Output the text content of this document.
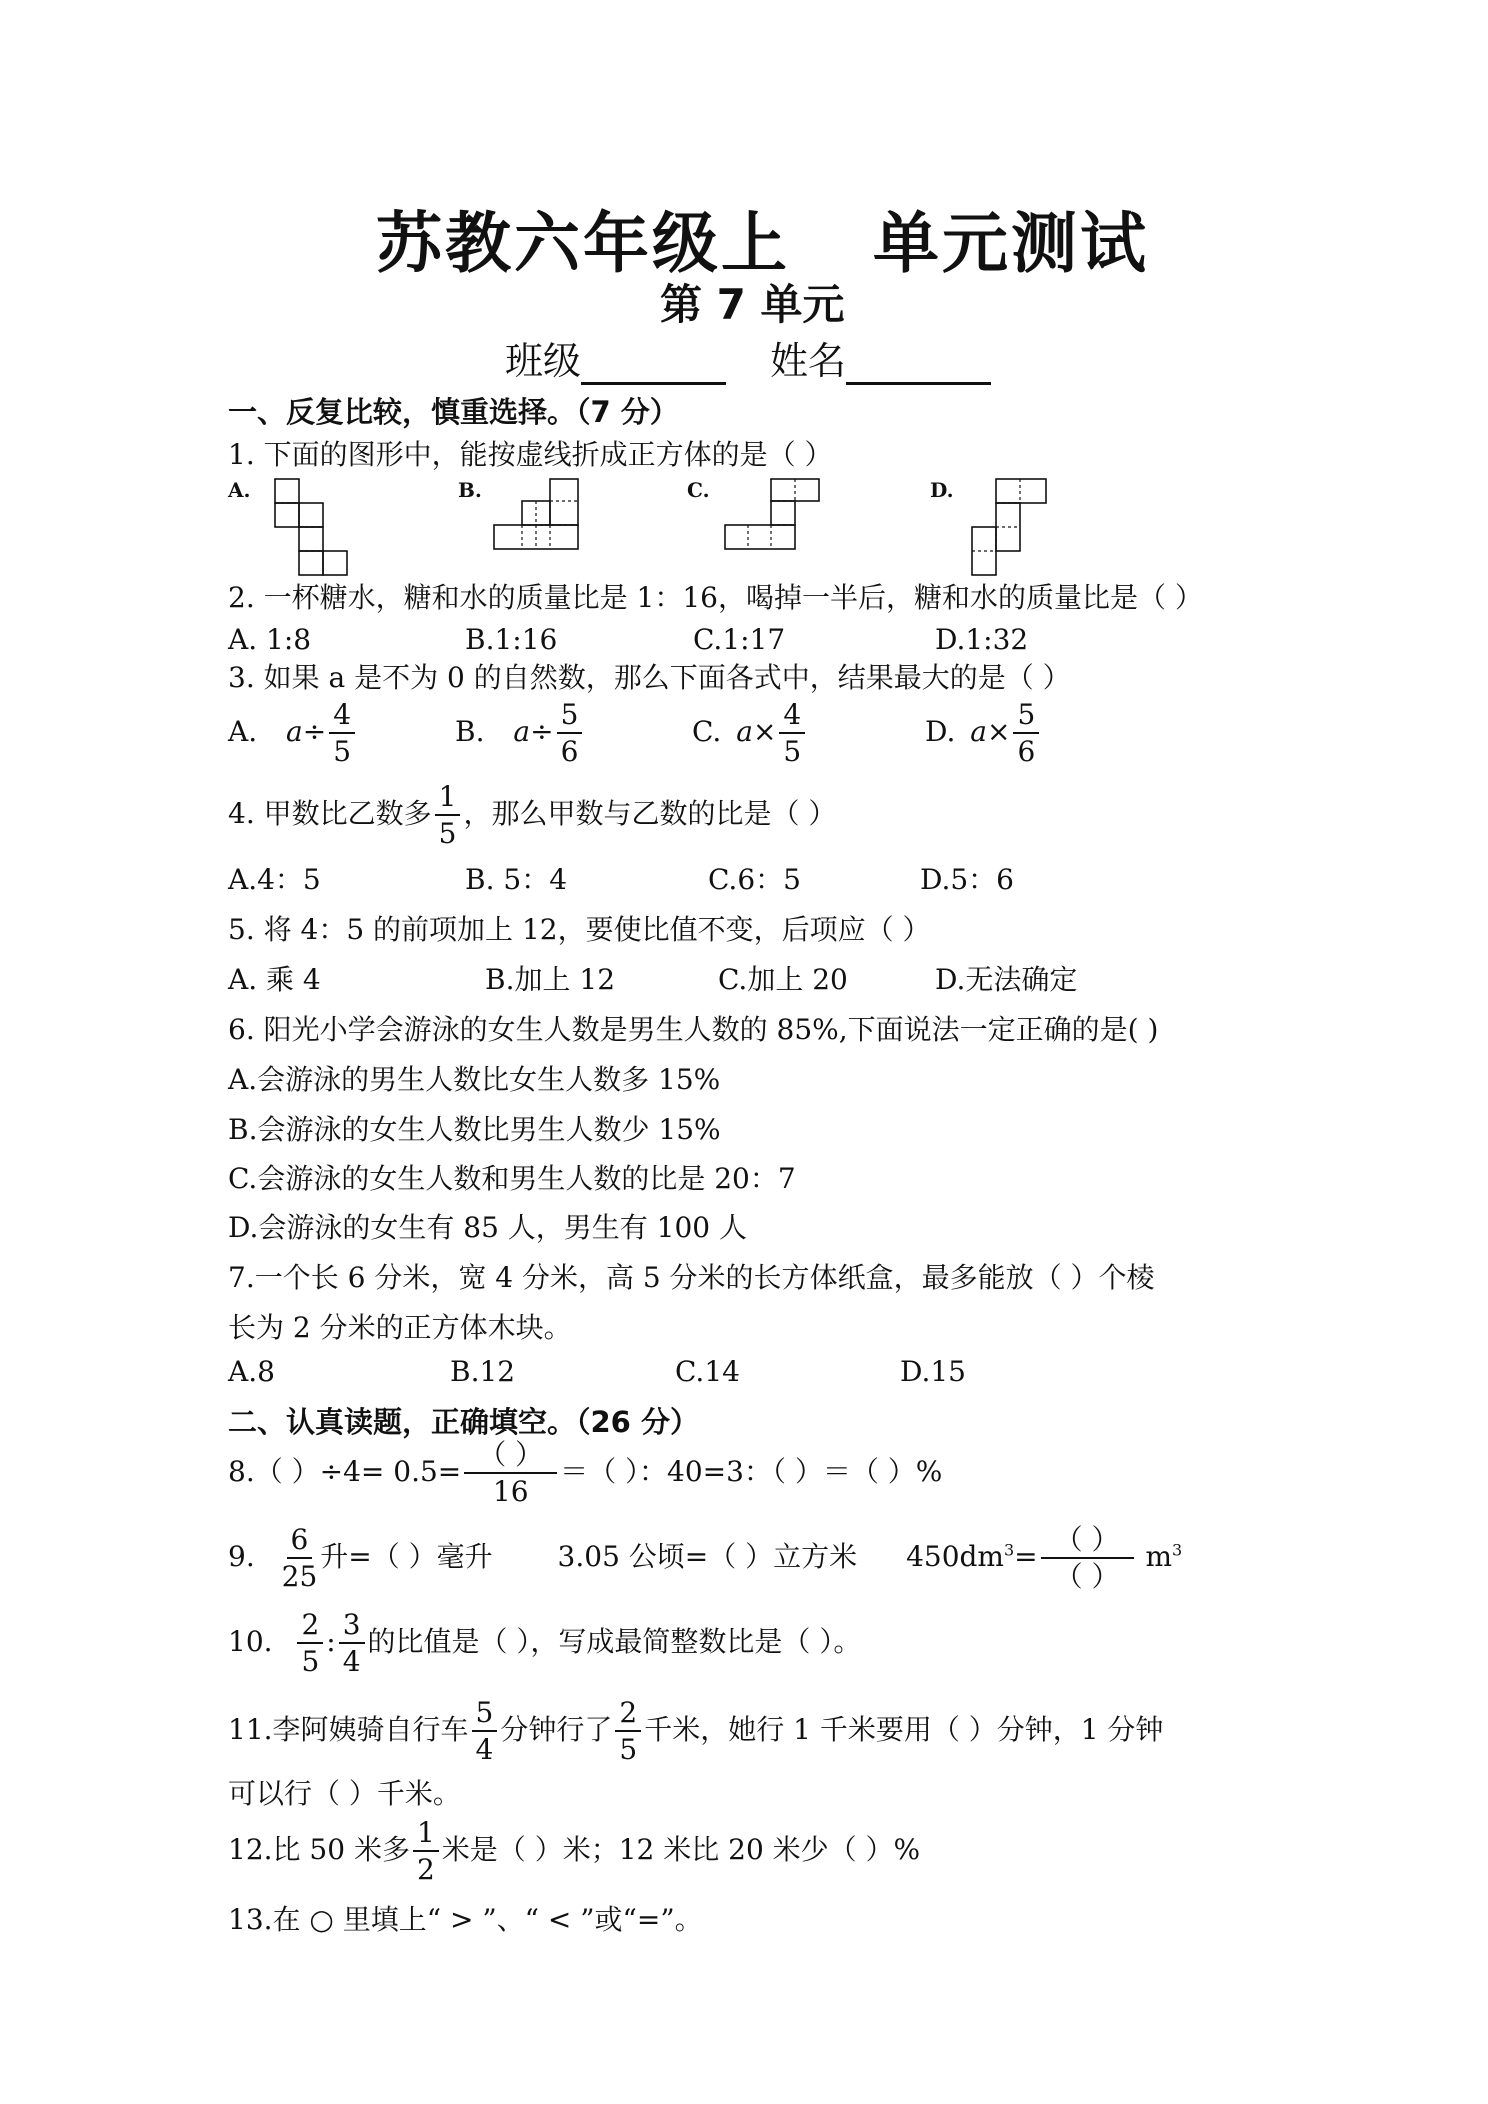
苏教六年级上 单元测试
第 7 单元
班级	姓名
一、反复比较，慎重选择。（7 分）
1. 下面的图形中，能按虚线折成正方体的是（ ）
A.	B.	C.	D.
2. 一杯糖水，糖和水的质量比是 1：16，喝掉一半后，糖和水的质量比是（ ）
A. 1:8	B.1:16	C.1:17	D.1:32
3. 如果 a 是不为 0 的自然数，那么下面各式中，结果最大的是（ ）
A. $a\div \frac{4}{5}$	B. $a\div \frac{5}{6}$	C. $a\times \frac{4}{5}$	D. $a\times \frac{5}{6}$
4. 甲数比乙数多 $\frac{1}{5}$ ，那么甲数与乙数的比是（ ）
A.4：5	B. 5：4	C.6：5	D.5：6
5. 将 4：5 的前项加上 12，要使比值不变，后项应（ ）
A. 乘 4	B.加上 12	C.加上 20	D.无法确定
6. 阳光小学会游泳的女生人数是男生人数的 85%,下面说法一定正确的是( )
A.会游泳的男生人数比女生人数多 15%
B.会游泳的女生人数比男生人数少 15%
C.会游泳的女生人数和男生人数的比是 20：7
D.会游泳的女生有 85 人，男生有 100 人
7.一个长 6 分米，宽 4 分米，高 5 分米的长方体纸盒，最多能放（ ）个棱
长为 2 分米的正方体木块。
A.8	B.12	C.14	D.15
二、认真读题，正确填空。（26 分）
8.（ ）$\div 4= 0.5= \frac{( )}{16}$ ＝（ ）：40=3：（ ）＝（ ）%
9. $\frac{6}{25}$ 升=（ ）毫升 3.05 公顷=（ ）立方米 $450dm^3= \frac{( )}{( )} m^3$
10. $\frac{2}{5}$ : $\frac{3}{4}$ 的比值是（ ），写成最简整数比是（ ）。
11.李阿姨骑自行车 $\frac{5}{4}$ 分钟行了 $\frac{2}{5}$ 千米，她行 1 千米要用（ ）分钟，1 分钟
可以行（ ）千米。
12.比 50 米多 $\frac{1}{2}$ 米是（ ）米；12 米比 20 米少（ ）%
13.在 ○ 里填上“ > ”、“ < ”或“=”。
